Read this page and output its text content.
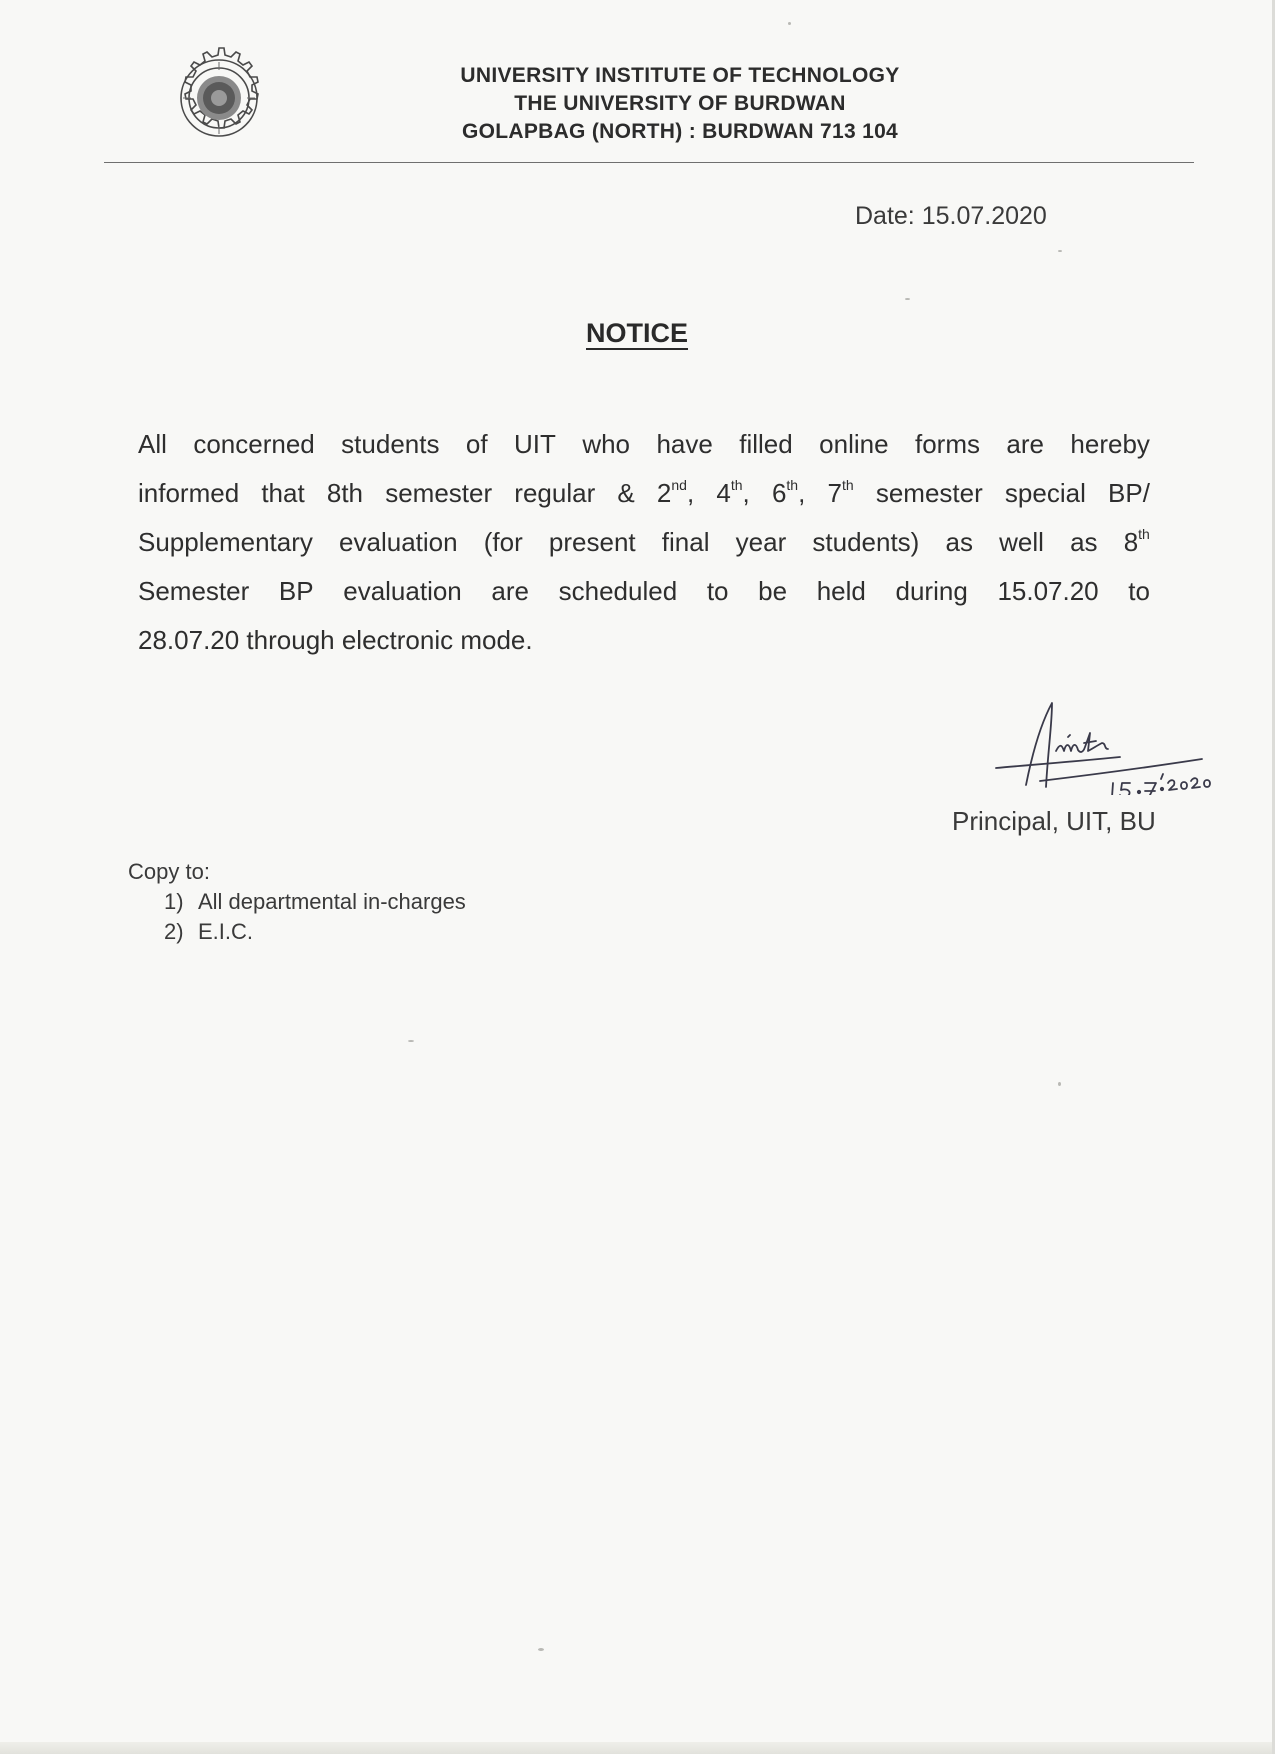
UNIVERSITY INSTITUTE OF TECHNOLOGY
THE UNIVERSITY OF BURDWAN
GOLAPBAG (NORTH) : BURDWAN 713 104
Date: 15.07.2020
NOTICE
All concerned students of UIT who have filled online forms are hereby
informed that 8th semester regular & 2nd, 4th, 6th, 7th semester special BP/
Supplementary evaluation (for present final year students) as well as 8th
Semester BP evaluation are scheduled to be held during 15.07.20 to
28.07.20 through electronic mode.
Principal, UIT, BU
Copy to:
1) All departmental in-charges
2) E.I.C.
